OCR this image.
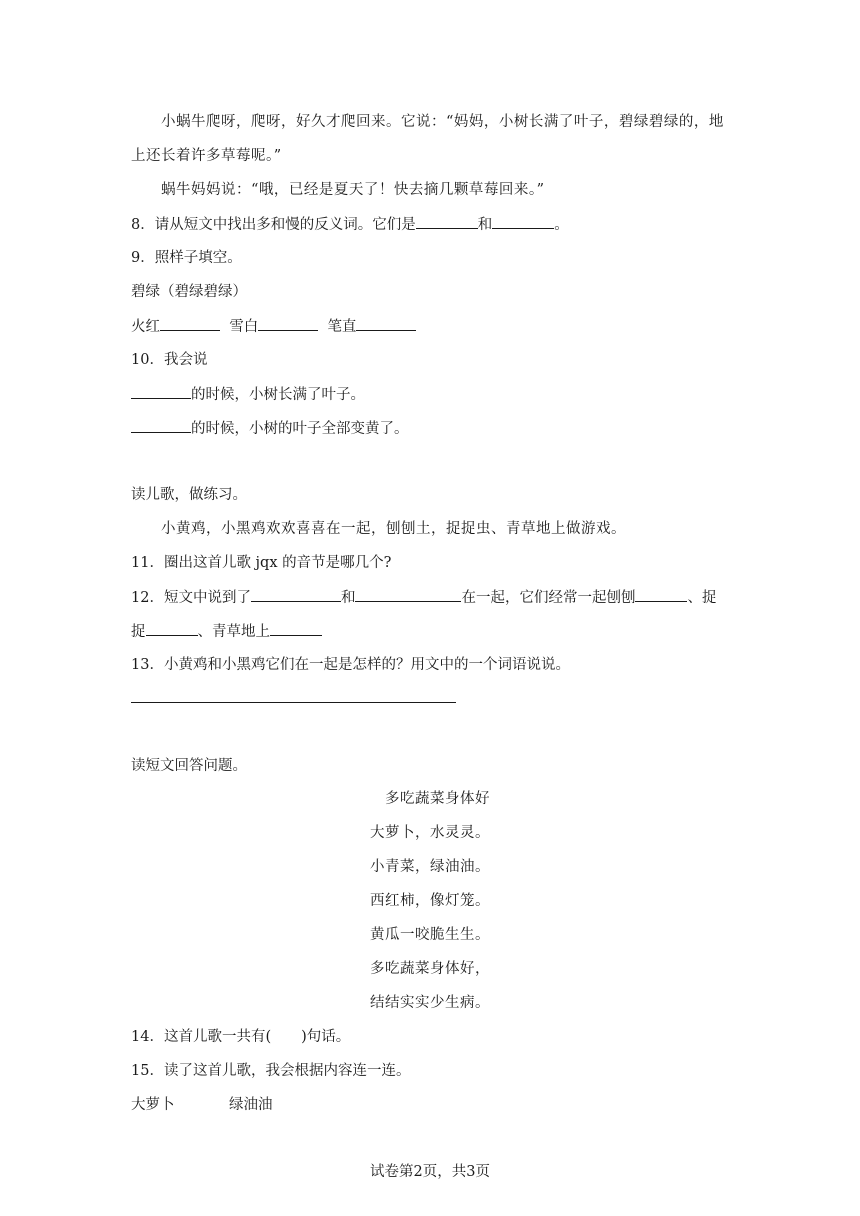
小蜗牛爬呀，爬呀，好久才爬回来。它说：“妈妈，小树长满了叶子，碧绿碧绿的，地
上还长着许多草莓呢。”
蜗牛妈妈说：“哦，已经是夏天了！快去摘几颗草莓回来。”
8．请从短文中找出多和慢的反义词。它们是	和	。
9．照样子填空。
碧绿（碧绿碧绿）
火红	雪白	笔直
10．我会说
的时候，小树长满了叶子。
的时候，小树的叶子全部变黄了。
读儿歌，做练习。
小黄鸡，小黑鸡欢欢喜喜在一起，刨刨土，捉捉虫、青草地上做游戏。
11．圈出这首儿歌 jqx 的音节是哪几个?
12．短文中说到了	和	在一起，它们经常一起刨刨	、捉
捉	、青草地上
13．小黄鸡和小黑鸡它们在一起是怎样的？用文中的一个词语说说。
读短文回答问题。
多吃蔬菜身体好
大萝卜，水灵灵。
小青菜，绿油油。
西红柿，像灯笼。
黄瓜一咬脆生生。
多吃蔬菜身体好，
结结实实少生病。
14．这首儿歌一共有( )句话。
15．读了这首儿歌，我会根据内容连一连。
大萝卜	绿油油
试卷第2页，共3页
